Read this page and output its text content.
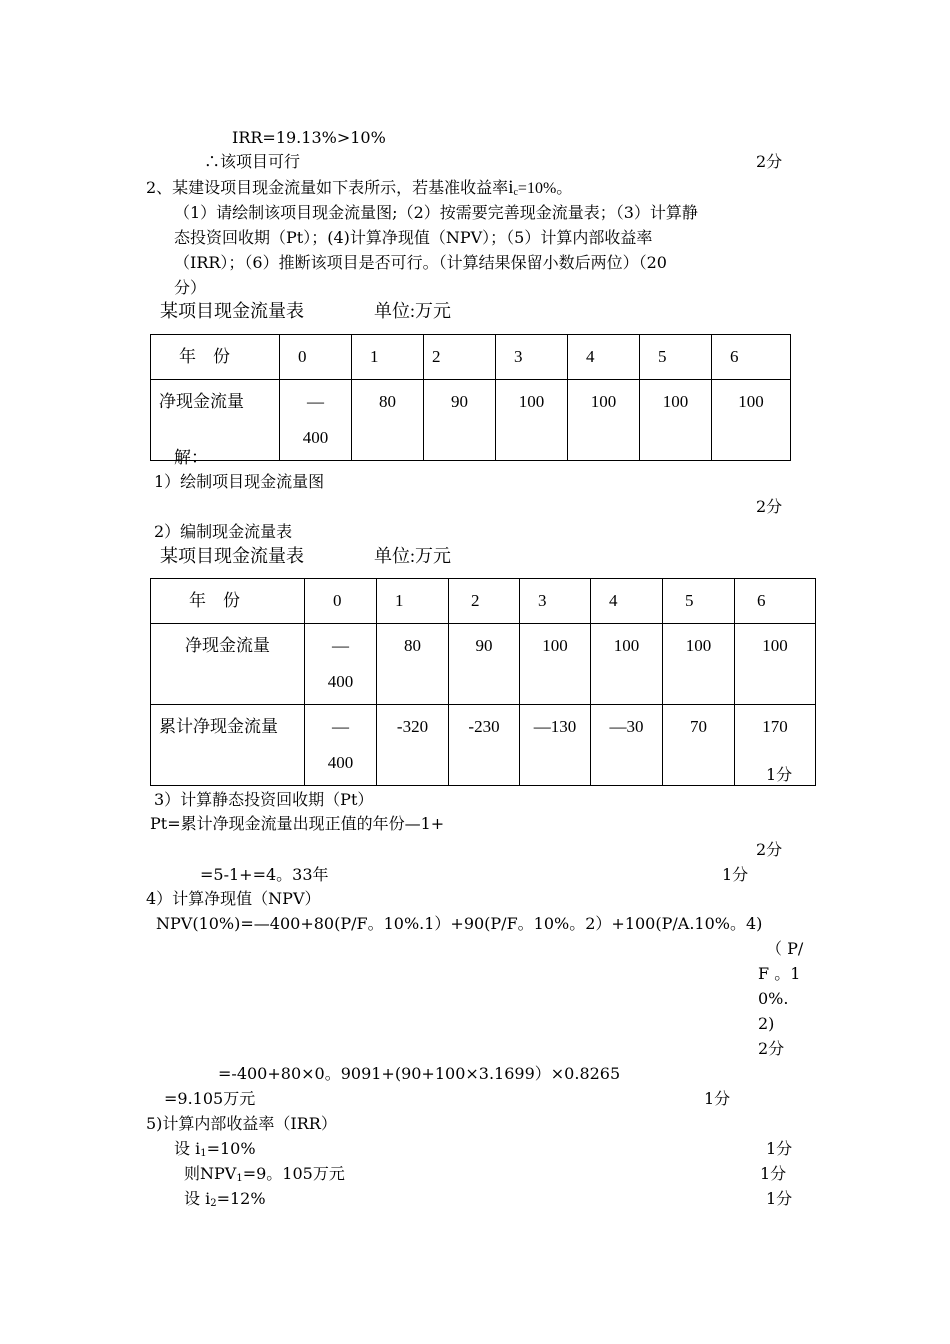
IRR=19.13%>10%
∴该项目可行	2分
2、某建设项目现金流量如下表所示，若基准收益率$i_c=10\%$。
（1）请绘制该项目现金流量图;（2）按需要完善现金流量表；（3）计算静
态投资回收期（Pt）；(4)计算净现值（NPV）；（5）计算内部收益率
（IRR）；（6）推断该项目是否可行。（计算结果保留小数后两位）（20
分）
某项目现金流量表	单位:万元
年　份	0	1	2	3	4	5	6
净现金流量	—
400	80	90	100	100	100	100
解：
1）绘制项目现金流量图
2分
2）编制现金流量表
某项目现金流量表	单位:万元
年　份	0	1	2	3	4	5	6
净现金流量	—
400	80	90	100	100	100	100
累计净现金流量	—
400	-320	-230	—130	—30	70	170
1分
3）计算静态投资回收期（Pt）
Pt=累计净现金流量出现正值的年份—1+
2分
=5-1+=4。33年	1分
4）计算净现值（NPV）
NPV(10%)=—400+80(P/F。10%.1）+90(P/F。10%。2）+100(P/A.10%。4)
（ P/
F 。1
0%.
2)
2分
=-400+80×0。9091+(90+100×3.1699）×0.8265
=9.105万元	1分
5)计算内部收益率（IRR）
设 $i_1=10\%$	1分
则$NPV_1=9$。105万元	1分
设 $i_2=12\%$	1分
